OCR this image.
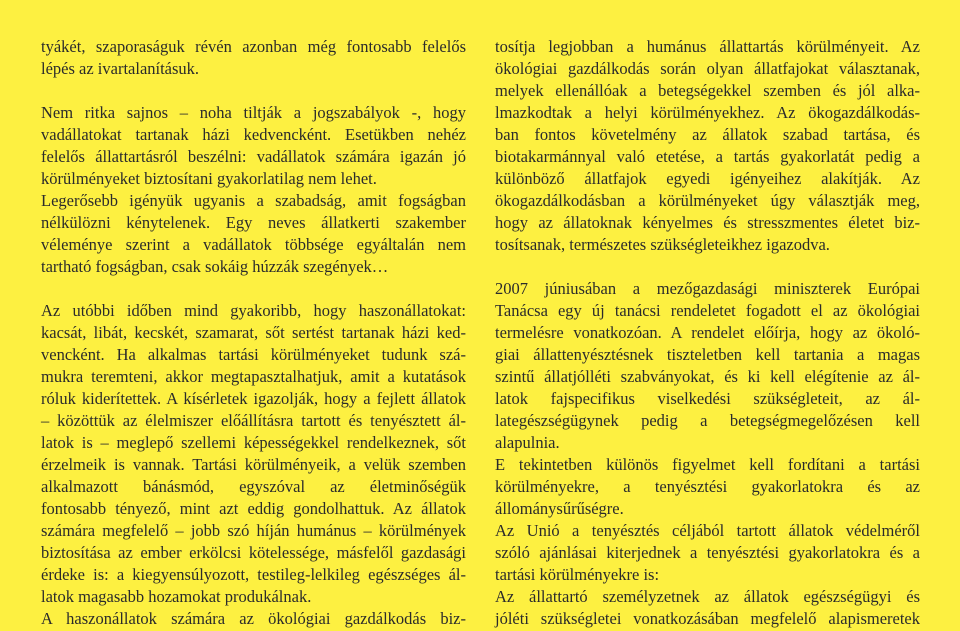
tyákét, szaporaságuk révén azonban még fontosabb felelős
lépés az ivartalanításuk.
Nem ritka sajnos – noha tiltják a jogszabályok -, hogy
vadállatokat tartanak házi kedvencként. Esetükben nehéz
felelős állattartásról beszélni: vadállatok számára igazán jó
körülményeket biztosítani gyakorlatilag nem lehet.
Legerősebb igényük ugyanis a szabadság, amit fogságban
nélkülözni kénytelenek. Egy neves állatkerti szakember
véleménye szerint a vadállatok többsége egyáltalán nem
tartható fogságban, csak sokáig húzzák szegények…
Az utóbbi időben mind gyakoribb, hogy haszonállatokat:
kacsát, libát, kecskét, szamarat, sőt sertést tartanak házi ked-
vencként. Ha alkalmas tartási körülményeket tudunk szá-
mukra teremteni, akkor megtapasztalhatjuk, amit a kutatások
róluk kiderítettek. A kísérletek igazolják, hogy a fejlett állatok
– közöttük az élelmiszer előállításra tartott és tenyésztett ál-
latok is – meglepő szellemi képességekkel rendelkeznek, sőt
érzelmeik is vannak. Tartási körülményeik, a velük szemben
alkalmazott bánásmód, egyszóval az életminőségük
fontosabb tényező, mint azt eddig gondolhattuk. Az állatok
számára megfelelő – jobb szó híján humánus – körülmények
biztosítása az ember erkölcsi kötelessége, másfelől gazdasági
érdeke is: a kiegyensúlyozott, testileg-lelkileg egészséges ál-
latok magasabb hozamokat produkálnak.
A haszonállatok számára az ökológiai gazdálkodás biz-
tosítja legjobban a humánus állattartás körülményeit. Az
ökológiai gazdálkodás során olyan állatfajokat választanak,
melyek ellenállóak a betegségekkel szemben és jól alka-
lmazkodtak a helyi körülményekhez. Az ökogazdálkodás-
ban fontos követelmény az állatok szabad tartása, és
biotakarmánnyal való etetése, a tartás gyakorlatát pedig a
különböző állatfajok egyedi igényeihez alakítják. Az
ökogazdálkodásban a körülményeket úgy választják meg,
hogy az állatoknak kényelmes és stresszmentes életet biz-
tosítsanak, természetes szükségleteikhez igazodva.
2007 júniusában a mezőgazdasági miniszterek Európai
Tanácsa egy új tanácsi rendeletet fogadott el az ökológiai
termelésre vonatkozóan. A rendelet előírja, hogy az ökoló-
giai állattenyésztésnek tiszteletben kell tartania a magas
szintű állatjólléti szabványokat, és ki kell elégítenie az ál-
latok fajspecifikus viselkedési szükségleteit, az ál-
lategészségügynek pedig a betegségmegelőzésen kell
alapulnia.
E tekintetben különös figyelmet kell fordítani a tartási
körülményekre, a tenyésztési gyakorlatokra és az
állománysűrűségre.
Az Unió a tenyésztés céljából tartott állatok védelméről
szóló ajánlásai kiterjednek a tenyésztési gyakorlatokra és a
tartási körülményekre is:
Az állattartó személyzetnek az állatok egészségügyi és
jóléti szükségletei vonatkozásában megfelelő alapismeretek
